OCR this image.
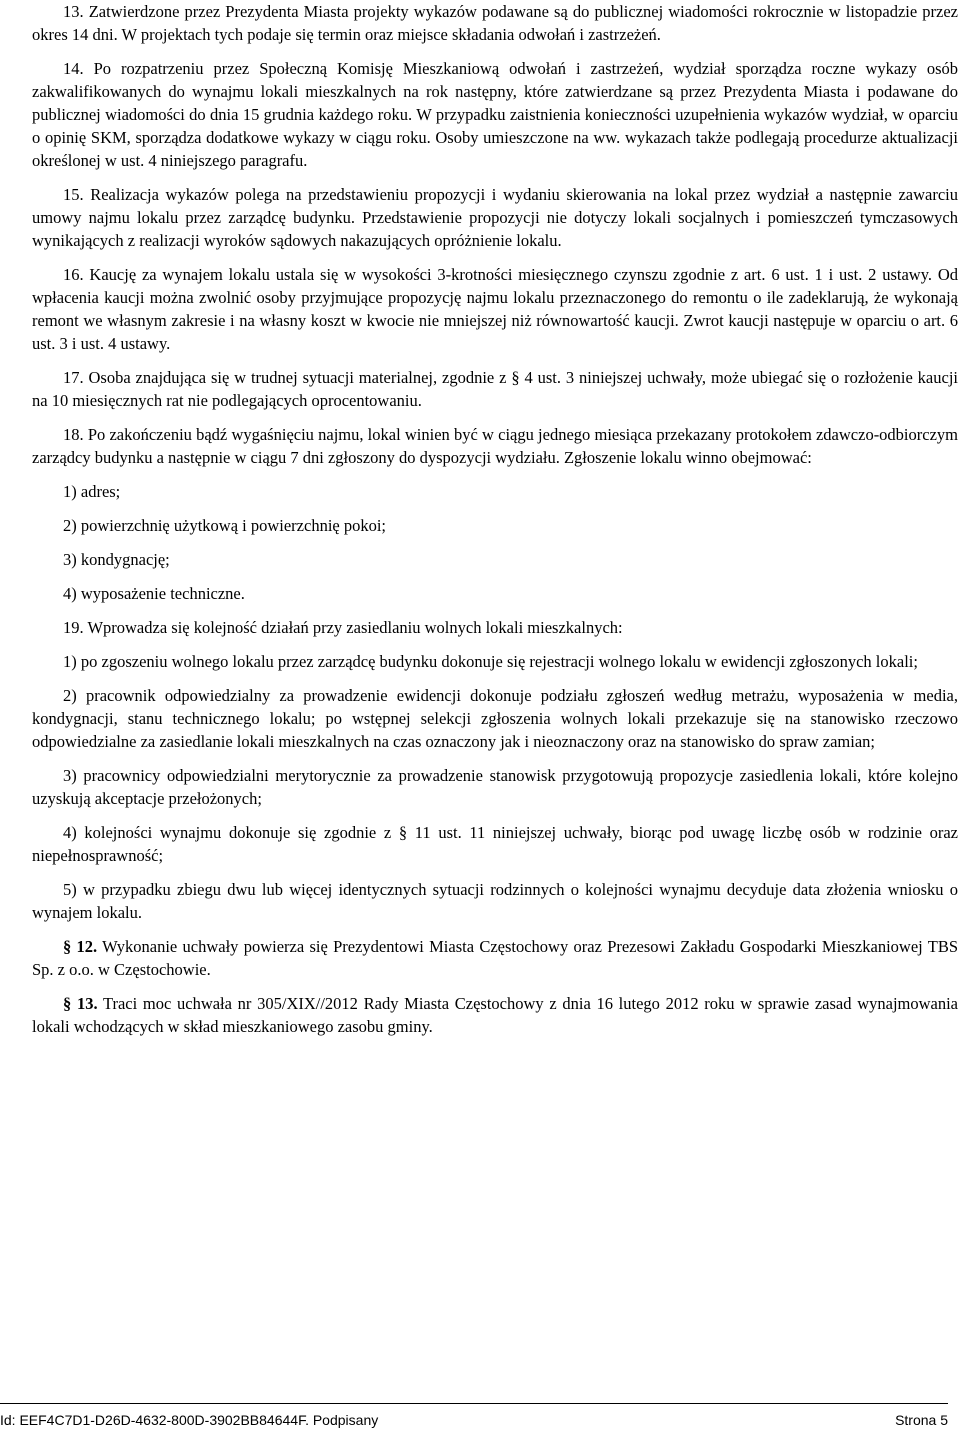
13. Zatwierdzone przez Prezydenta Miasta projekty wykazów podawane są do publicznej wiadomości rokrocznie w listopadzie przez okres 14 dni. W projektach tych podaje się termin oraz miejsce składania odwołań i zastrzeżeń.

14. Po rozpatrzeniu przez Społeczną Komisję Mieszkaniową odwołań i zastrzeżeń, wydział sporządza roczne wykazy osób zakwalifikowanych do wynajmu lokali mieszkalnych na rok następny, które zatwierdzane są przez Prezydenta Miasta i podawane do publicznej wiadomości do dnia 15 grudnia każdego roku. W przypadku zaistnienia konieczności uzupełnienia wykazów wydział, w oparciu o opinię SKM, sporządza dodatkowe wykazy w ciągu roku. Osoby umieszczone na ww. wykazach także podlegają procedurze aktualizacji określonej w ust. 4 niniejszego paragrafu.

15. Realizacja wykazów polega na przedstawieniu propozycji i wydaniu skierowania na lokal przez wydział a następnie zawarciu umowy najmu lokalu przez zarządcę budynku. Przedstawienie propozycji nie dotyczy lokali socjalnych i pomieszczeń tymczasowych wynikających z realizacji wyroków sądowych nakazujących opróżnienie lokalu.

16. Kaucję za wynajem lokalu ustala się w wysokości 3-krotności miesięcznego czynszu zgodnie z art. 6 ust. 1 i ust. 2 ustawy. Od wpłacenia kaucji można zwolnić osoby przyjmujące propozycję najmu lokalu przeznaczonego do remontu o ile zadeklarują, że wykonają remont we własnym zakresie i na własny koszt w kwocie nie mniejszej niż równowartość kaucji. Zwrot kaucji następuje w oparciu o art. 6 ust. 3 i ust. 4 ustawy.

17. Osoba znajdująca się w trudnej sytuacji materialnej, zgodnie z § 4 ust. 3 niniejszej uchwały, może ubiegać się o rozłożenie kaucji na 10 miesięcznych rat nie podlegających oprocentowaniu.

18. Po zakończeniu bądź wygaśnięciu najmu, lokal winien być w ciągu jednego miesiąca przekazany protokołem zdawczo-odbiorczym zarządcy budynku a następnie w ciągu 7 dni zgłoszony do dyspozycji wydziału. Zgłoszenie lokalu winno obejmować:

1) adres;

2) powierzchnię użytkową i powierzchnię pokoi;

3) kondygnację;

4) wyposażenie techniczne.

19. Wprowadza się kolejność działań przy zasiedlaniu wolnych lokali mieszkalnych:

1) po zgoszeniu wolnego lokalu przez zarządcę budynku dokonuje się rejestracji wolnego lokalu w ewidencji zgłoszonych lokali;

2) pracownik odpowiedzialny za prowadzenie ewidencji dokonuje podziału zgłoszeń według metrażu, wyposażenia w media, kondygnacji, stanu technicznego lokalu; po wstępnej selekcji zgłoszenia wolnych lokali przekazuje się na stanowisko rzeczowo odpowiedzialne za zasiedlanie lokali mieszkalnych na czas oznaczony jak i nieoznaczony oraz na stanowisko do spraw zamian;

3) pracownicy odpowiedzialni merytorycznie za prowadzenie stanowisk przygotowują propozycje zasiedlenia lokali, które kolejno uzyskują akceptacje przełożonych;

4) kolejności wynajmu dokonuje się zgodnie z § 11 ust. 11 niniejszej uchwały, biorąc pod uwagę liczbę osób w rodzinie oraz niepełnosprawność;

5) w przypadku zbiegu dwu lub więcej identycznych sytuacji rodzinnych o kolejności wynajmu decyduje data złożenia wniosku o wynajem lokalu.

§ 12. Wykonanie uchwały powierza się Prezydentowi Miasta Częstochowy oraz Prezesowi Zakładu Gospodarki Mieszkaniowej TBS Sp. z o.o. w Częstochowie.

§ 13. Traci moc uchwała nr 305/XIX//2012 Rady Miasta Częstochowy z dnia 16 lutego 2012 roku w sprawie zasad wynajmowania lokali wchodzących w skład mieszkaniowego zasobu gminy.

Id: EEF4C7D1-D26D-4632-800D-3902BB84644F. Podpisany	Strona 5
